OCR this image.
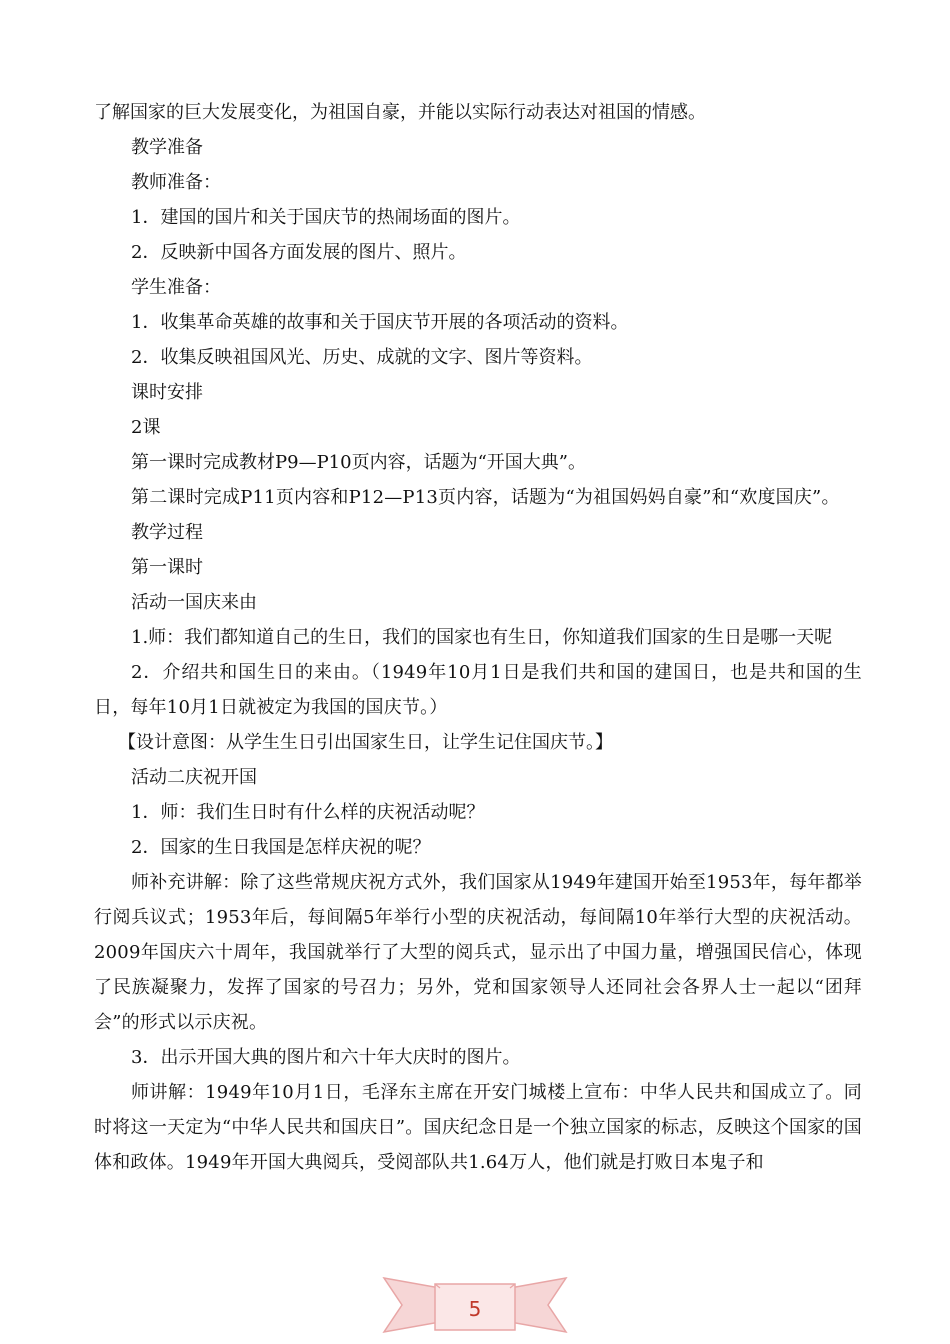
了解国家的巨大发展变化，为祖国自豪，并能以实际行动表达对祖国的情感。
教学准备
教师准备：
1．建国的国片和关于国庆节的热闹场面的图片。
2．反映新中国各方面发展的图片、照片。
学生准备：
1．收集革命英雄的故事和关于国庆节开展的各项活动的资料。
2．收集反映祖国风光、历史、成就的文字、图片等资料。
课时安排
2课
第一课时完成教材P9—P10页内容，话题为“开国大典”。
第二课时完成P11页内容和P12—P13页内容，话题为“为祖国妈妈自豪”和“欢度国庆”。
教学过程
第一课时
活动一国庆来由
1.师：我们都知道自己的生日，我们的国家也有生日，你知道我们国家的生日是哪一天呢
2．介绍共和国生日的来由。（1949年10月1日是我们共和国的建国日，也是共和国的生日，每年10月1日就被定为我国的国庆节。）
【设计意图：从学生生日引出国家生日，让学生记住国庆节。】
活动二庆祝开国
1．师：我们生日时有什么样的庆祝活动呢？
2．国家的生日我国是怎样庆祝的呢？
师补充讲解：除了这些常规庆祝方式外，我们国家从1949年建国开始至1953年，每年都举行阅兵议式；1953年后，每间隔5年举行小型的庆祝活动，每间隔10年举行大型的庆祝活动。2009年国庆六十周年，我国就举行了大型的阅兵式，显示出了中国力量，增强国民信心，体现了民族凝聚力，发挥了国家的号召力；另外，党和国家领导人还同社会各界人士一起以“团拜会”的形式以示庆祝。
3．出示开国大典的图片和六十年大庆时的图片。
师讲解：1949年10月1日，毛泽东主席在开安门城楼上宣布：中华人民共和国成立了。同时将这一天定为“中华人民共和国庆日”。国庆纪念日是一个独立国家的标志，反映这个国家的国体和政体。1949年开国大典阅兵，受阅部队共1.64万人，他们就是打败日本鬼子和
5
